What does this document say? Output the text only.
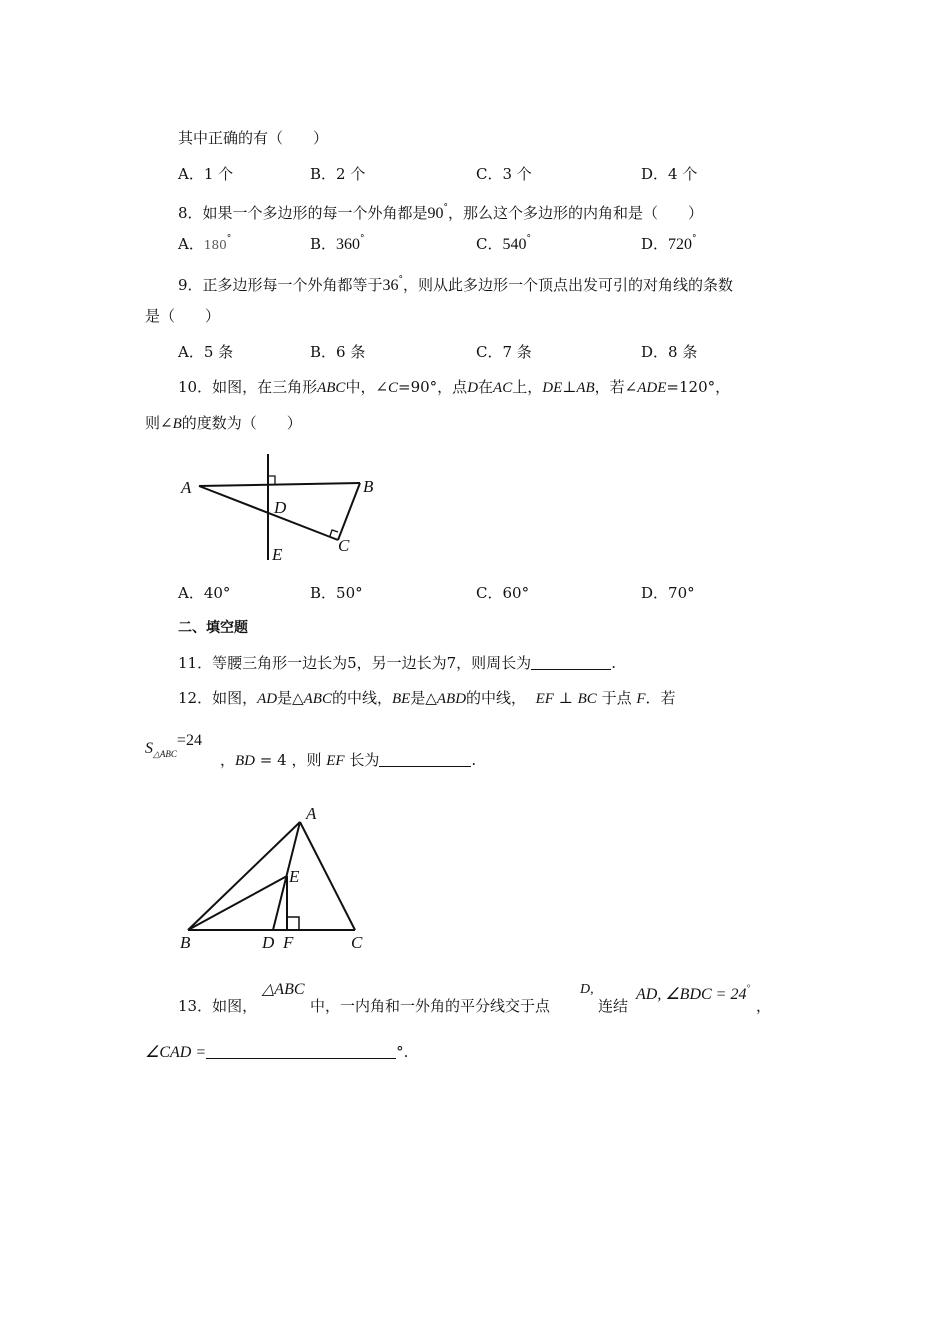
其中正确的有（　　）
A．1 个	B．2 个	C．3 个	D．4 个
8．如果一个多边形的每一个外角都是90°，那么这个多边形的内角和是（　　）
A．180°	B．360°	C．540°	D．720°
9．正多边形每一个外角都等于36°，则从此多边形一个顶点出发可引的对角线的条数
是（　　）
A．5 条	B．6 条	C．7 条	D．8 条
10．如图，在三角形ABC中，∠C=90°，点D在AC上，DE⊥AB，若∠ADE=120°，
则∠B的度数为（　　）
A	B
D
C
E
A．40°	B．50°	C．60°	D．70°
二、填空题
11．等腰三角形一边长为5，另一边长为7，则周长为	.
12．如图，AD是△ABC的中线，BE是△ABD的中线， EF ⊥ BC 于点 F．若
$S_{\triangle ABC}=24$
，BD = 4 ，则 EF 长为	.
A
E
B	D F	C
13．如图，
△ABC
中，一内角和一外角的平分线交于点
D,
连结
AD, ∠BDC = 24°
，
∠CAD =	°.
